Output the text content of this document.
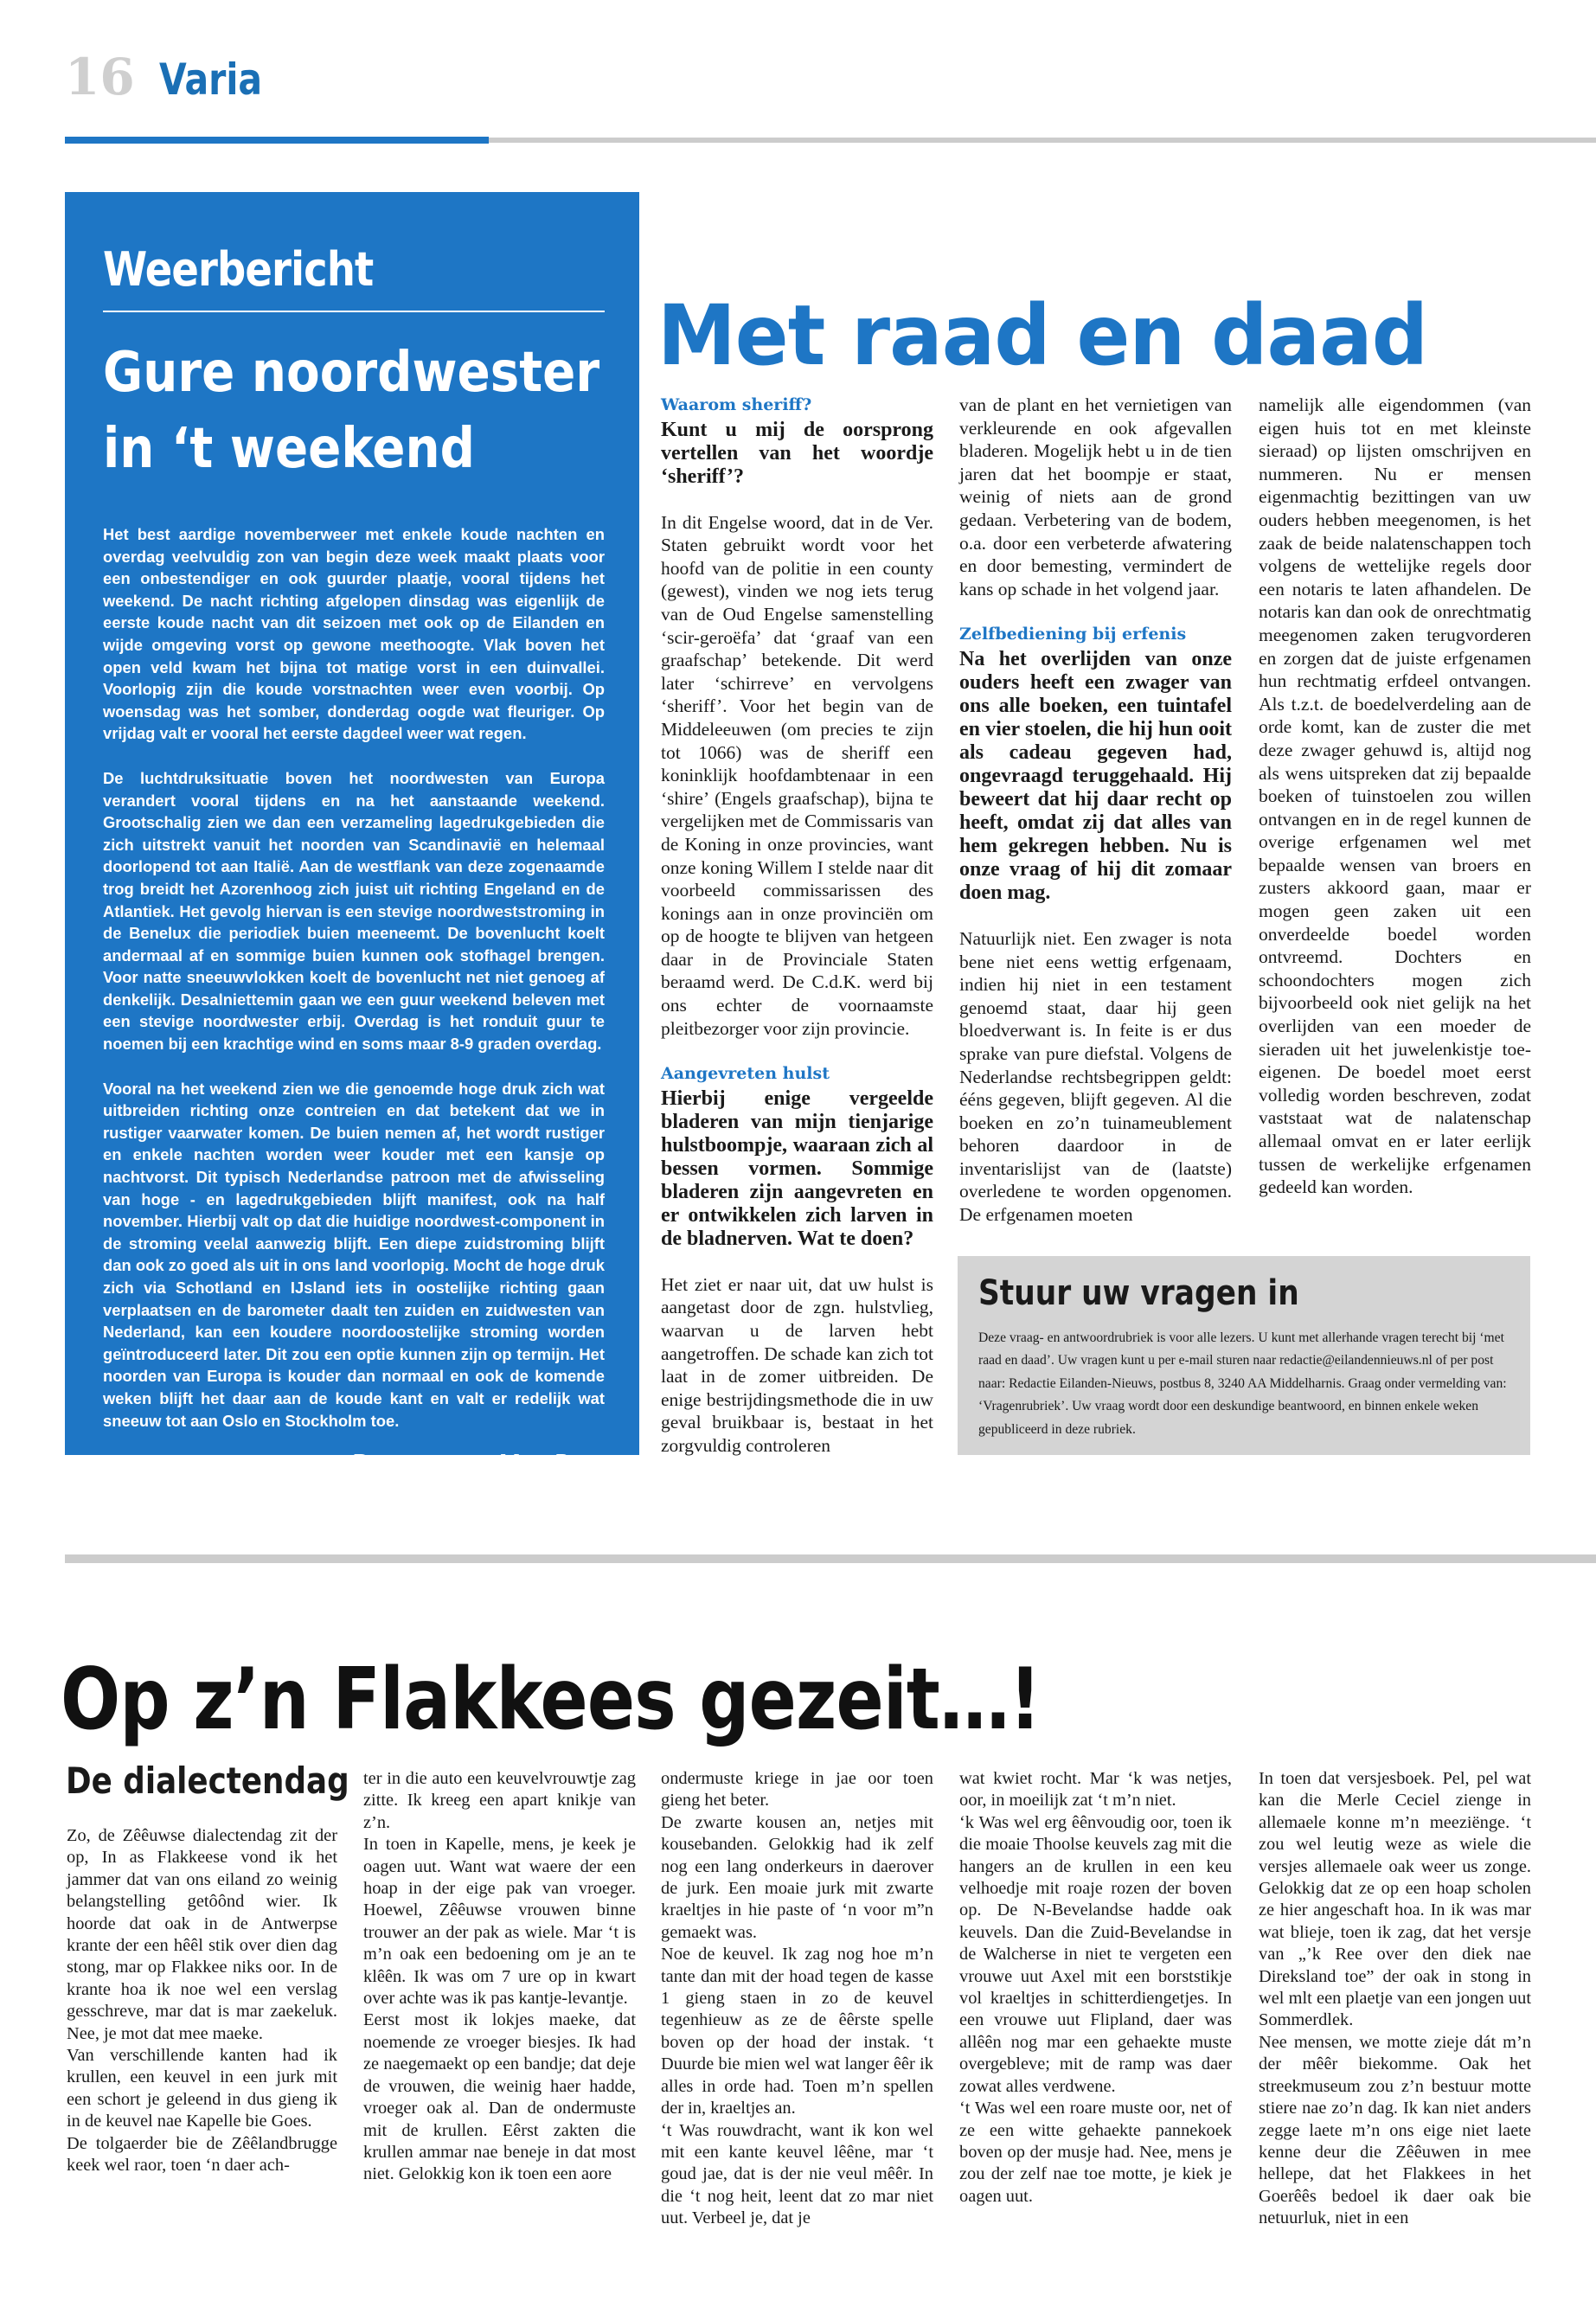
16 Varia
Weerbericht
Gure noordwester
in ‘t weekend

Het best aardige novemberweer met enkele koude nachten en overdag veelvuldig zon van begin deze week maakt plaats voor een onbestendiger en ook guurder plaatje, vooral tijdens het weekend. De nacht richting afgelopen dinsdag was eigenlijk de eerste koude nacht van dit seizoen met ook op de Eilanden en wijde omgeving vorst op gewone meethoogte. Vlak boven het open veld kwam het bijna tot matige vorst in een duinvallei. Voorlopig zijn die koude vorstnachten weer even voorbij. Op woensdag was het somber, donderdag oogde wat fleuriger. Op vrijdag valt er vooral het eerste dagdeel weer wat regen.

De luchtdruksituatie boven het noordwesten van Europa verandert vooral tijdens en na het aanstaande weekend. Grootschalig zien we dan een verzameling lagedrukgebieden die zich uitstrekt vanuit het noorden van Scandinavië en helemaal doorlopend tot aan Italië. Aan de westflank van deze zogenaamde trog breidt het Azorenhoog zich juist uit richting Engeland en de Atlantiek. Het gevolg hiervan is een stevige noordweststroming in de Benelux die periodiek buien meeneemt. De bovenlucht koelt andermaal af en sommige buien kunnen ook stofhagel brengen. Voor natte sneeuwvlokken koelt de bovenlucht net niet genoeg af denkelijk. Desalniettemin gaan we een guur weekend beleven met een stevige noordwester erbij. Overdag is het ronduit guur te noemen bij een krachtige wind en soms maar 8-9 graden overdag.

Vooral na het weekend zien we die genoemde hoge druk zich wat uitbreiden richting onze contreien en dat betekent dat we in rustiger vaarwater komen. De buien nemen af, het wordt rustiger en enkele nachten worden weer kouder met een kansje op nachtvorst. Dit typisch Nederlandse patroon met de afwisseling van hoge - en lagedrukgebieden blijft manifest, ook na half november. Hierbij valt op dat die huidige noordwest-component in de stroming veelal aanwezig blijft. Een diepe zuidstroming blijft dan ook zo goed als uit in ons land voorlopig. Mocht de hoge druk zich via Schotland en IJsland iets in oostelijke richting gaan verplaatsen en de barometer daalt ten zuiden en zuidwesten van Nederland, kan een koudere noordoostelijke stroming worden geïntroduceerd later. Dit zou een optie kunnen zijn op termijn. Het noorden van Europa is kouder dan normaal en ook de komende weken blijft het daar aan de koude kant en valt er redelijk wat sneeuw tot aan Oslo en Stockholm toe.

Door weerman Marc Putto
Met raad en daad
Waarom sheriff?
Kunt u mij de oorsprong vertellen van het woordje ‘sheriff’?

In dit Engelse woord, dat in de Ver. Staten gebruikt wordt voor het hoofd van de politie in een county (gewest), vinden we nog iets terug van de Oud Engelse samenstelling ‘scir-geroëfa’ dat ‘graaf van een graafschap’ betekende. Dit werd later ‘schirreve’ en vervolgens ‘sheriff’. Voor het begin van de Middeleeuwen (om precies te zijn tot 1066) was de sheriff een koninklijk hoofdambtenaar in een ‘shire’ (Engels graafschap), bijna te vergelijken met de Commissaris van de Koning in onze provincies, want onze koning Willem I stelde naar dit voorbeeld commissarissen des konings aan in onze provinciën om op de hoogte te blijven van hetgeen daar in de Provinciale Staten beraamd werd. De C.d.K. werd bij ons echter de voornaamste pleitbezorger voor zijn provincie.

Aangevreten hulst
Hierbij enige vergeelde bladeren van mijn tienjarige hulstboompje, waaraan zich al bessen vormen. Sommige bladeren zijn aangevreten en er ontwikkelen zich larven in de bladnerven. Wat te doen?

Het ziet er naar uit, dat uw hulst is aangetast door de zgn. hulstvlieg, waarvan u de larven hebt aangetroffen. De schade kan zich tot laat in de zomer uitbreiden. De enige bestrijdingsmethode die in uw geval bruikbaar is, bestaat in het zorgvuldig controleren

van de plant en het vernietigen van verkleurende en ook afgevallen bladeren. Mogelijk hebt u in de tien jaren dat het boompje er staat, weinig of niets aan de grond gedaan. Verbetering van de bodem, o.a. door een verbeterde afwatering en door bemesting, vermindert de kans op schade in het volgend jaar.

Zelfbediening bij erfenis
Na het overlijden van onze ouders heeft een zwager van ons alle boeken, een tuintafel en vier stoelen, die hij hun ooit als cadeau gegeven had, ongevraagd teruggehaald. Hij beweert dat hij daar recht op heeft, omdat zij dat alles van hem gekregen hebben. Nu is onze vraag of hij dit zomaar doen mag.

Natuurlijk niet. Een zwager is nota bene niet eens wettig erfgenaam, indien hij niet in een testament genoemd staat, daar hij geen bloedverwant is. In feite is er dus sprake van pure diefstal. Volgens de Nederlandse rechtsbegrippen geldt: ééns gegeven, blijft gegeven. Al die boeken en zo’n tuinameublement behoren daardoor in de inventarislijst van de (laatste) overledene te worden opgenomen. De erfgenamen moeten

namelijk alle eigendommen (van eigen huis tot en met kleinste sieraad) op lijsten omschrijven en nummeren. Nu er mensen eigenmachtig bezittingen van uw ouders hebben meegenomen, is het zaak de beide nalatenschappen toch volgens de wettelijke regels door een notaris te laten afhandelen. De notaris kan dan ook de onrechtmatig meegenomen zaken terugvorderen en zorgen dat de juiste erfgenamen hun rechtmatig erfdeel ontvangen. Als t.z.t. de boedelverdeling aan de orde komt, kan de zuster die met deze zwager gehuwd is, altijd nog als wens uitspreken dat zij bepaalde boeken of tuinstoelen zou willen ontvangen en in de regel kunnen de overige erfgenamen wel met bepaalde wensen van broers en zusters akkoord gaan, maar er mogen geen zaken uit een onverdeelde boedel worden ontvreemd. Dochters en schoondochters mogen zich bijvoorbeeld ook niet gelijk na het overlijden van een moeder de sieraden uit het juwelenkistje toe-eigenen. De boedel moet eerst volledig worden beschreven, zodat vaststaat wat de nalatenschap allemaal omvat en er later eerlijk tussen de werkelijke erfgenamen gedeeld kan worden.

Stuur uw vragen in
Deze vraag- en antwoordrubriek is voor alle lezers. U kunt met allerhande vragen terecht bij ‘met raad en daad’. Uw vragen kunt u per e-mail sturen naar redactie@eilandennieuws.nl of per post naar: Redactie Eilanden-Nieuws, postbus 8, 3240 AA Middelharnis. Graag onder vermelding van: ‘Vragenrubriek’. Uw vraag wordt door een deskundige beantwoord, en binnen enkele weken gepubliceerd in deze rubriek.
Op z’n Flakkees gezeit…!
De dialectendag
Zo, de Zêêuwse dialectendag zit der op, In as Flakkeese vond ik het jammer dat van ons eiland zo weinig belangstelling getôônd wier. Ik hoorde dat oak in de Antwerpse krante der een hêêl stik over dien dag stong, mar op Flakkee niks oor. In de krante hoa ik noe wel een verslag gesschreve, mar dat is mar zaekeluk. Nee, je mot dat mee maeke.
Van verschillende kanten had ik krullen, een keuvel in een jurk mit een schort je geleend in dus gieng ik in de keuvel nae Kapelle bie Goes.
De tolgaerder bie de Zêêlandbrugge keek wel raor, toen ‘n daer ach-
ter in die auto een keuvelvrouwtje zag zitte. Ik kreeg een apart knikje van z’n.
In toen in Kapelle, mens, je keek je oagen uut. Want wat waere der een hoap in der eige pak van vroeger. Hoewel, Zêêuwse vrouwen binne trouwer an der pak as wiele. Mar ‘t is m’n oak een bedoening om je an te klêên. Ik was om 7 ure op in kwart over achte was ik pas kantje-levantje.
Eerst most ik lokjes maeke, dat noemende ze vroeger biesjes. Ik had ze naegemaekt op een bandje; dat deje de vrouwen, die weinig haer hadde, vroeger oak al. Dan de ondermuste mit de krullen. Eêrst zakten die krullen ammar nae beneje in dat most niet. Gelokkig kon ik toen een aore
ondermuste kriege in jae oor toen gieng het beter.
De zwarte kousen an, netjes mit kousebanden. Gelokkig had ik zelf nog een lang onderkeurs in daerover de jurk. Een moaie jurk mit zwarte kraeltjes in hie paste of ‘n voor m”n gemaekt was.
Noe de keuvel. Ik zag nog hoe m’n tante dan mit der hoad tegen de kasse 1 gieng staen in zo de keuvel tegenhieuw as ze de êêrste spelle boven op der hoad der instak. ‘t Duurde bie mien wel wat langer êêr ik alles in orde had. Toen m’n spellen der in, kraeltjes an.
‘t Was rouwdracht, want ik kon wel mit een kante keuvel lêêne, mar ‘t goud jae, dat is der nie veul mêêr. In die ‘t nog heit, leent dat zo mar niet uut. Verbeel je, dat je
wat kwiet rocht. Mar ‘k was netjes, oor, in moeilijk zat ‘t m’n niet.
‘k Was wel erg êênvoudig oor, toen ik die moaie Thoolse keuvels zag mit die hangers an de krullen in een keu velhoedje mit roaje rozen der boven op. De N-Bevelandse hadde oak keuvels. Dan die Zuid-Bevelandse in de Walcherse in niet te vergeten een vrouwe uut Axel mit een borststikje vol kraeltjes in schitterdiengetjes. In een vrouwe uut Flipland, daer was allêên nog mar een gehaekte muste overgebleve; mit de ramp was daer zowat alles verdwene.
‘t Was wel een roare muste oor, net of ze een witte gehaekte pannekoek boven op der musje had. Nee, mens je zou der zelf nae toe motte, je kiek je oagen uut.
In toen dat versjesboek. Pel, pel wat kan die Merle Ceciel zienge in allemaele konne m’n meeziënge. ‘t zou wel leutig weze as wiele die versjes allemaele oak weer us zonge. Gelokkig dat ze op een hoap scholen ze hier angeschaft hoa. In ik was mar wat blieje, toen ik zag, dat het versje van „’k Ree over den diek nae Direksland toe” der oak in stong in wel mlt een plaetje van een jongen uut Sommerdlek.
Nee mensen, we motte zieje dát m’n der mêêr biekomme. Oak het streekmuseum zou z’n bestuur motte stiere nae zo’n dag. Ik kan niet anders zegge laete m’n ons eige niet laete kenne deur die Zêêuwen in mee hellepe, dat het Flakkees in het Goerêês bedoel ik daer oak bie netuurluk, niet in een
